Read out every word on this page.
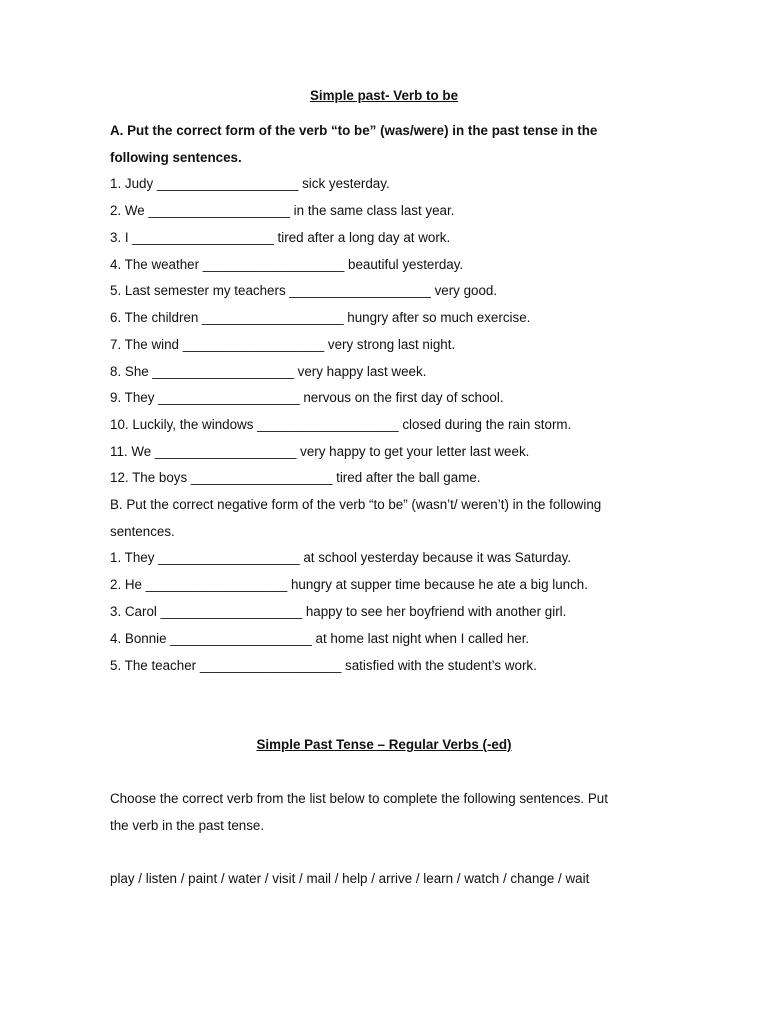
Simple past- Verb to be
A. Put the correct form of the verb “to be” (was/were) in the past tense in the
following sentences.
1. Judy ___________________ sick yesterday.
2. We ___________________ in the same class last year.
3. I ___________________ tired after a long day at work.
4. The weather ___________________ beautiful yesterday.
5. Last semester my teachers ___________________ very good.
6. The children ___________________ hungry after so much exercise.
7. The wind ___________________ very strong last night.
8. She ___________________ very happy last week.
9. They ___________________ nervous on the first day of school.
10. Luckily, the windows ___________________ closed during the rain storm.
11. We ___________________ very happy to get your letter last week.
12. The boys ___________________ tired after the ball game.
B. Put the correct negative form of the verb “to be” (wasn’t/ weren’t) in the following
sentences.
1. They ___________________ at school yesterday because it was Saturday.
2. He ___________________ hungry at supper time because he ate a big lunch.
3. Carol ___________________ happy to see her boyfriend with another girl.
4. Bonnie ___________________ at home last night when I called her.
5. The teacher ___________________ satisfied with the student’s work.
Simple Past Tense – Regular Verbs (-ed)
Choose the correct verb from the list below to complete the following sentences. Put
the verb in the past tense.
play / listen / paint / water / visit / mail / help / arrive / learn / watch / change / wait
